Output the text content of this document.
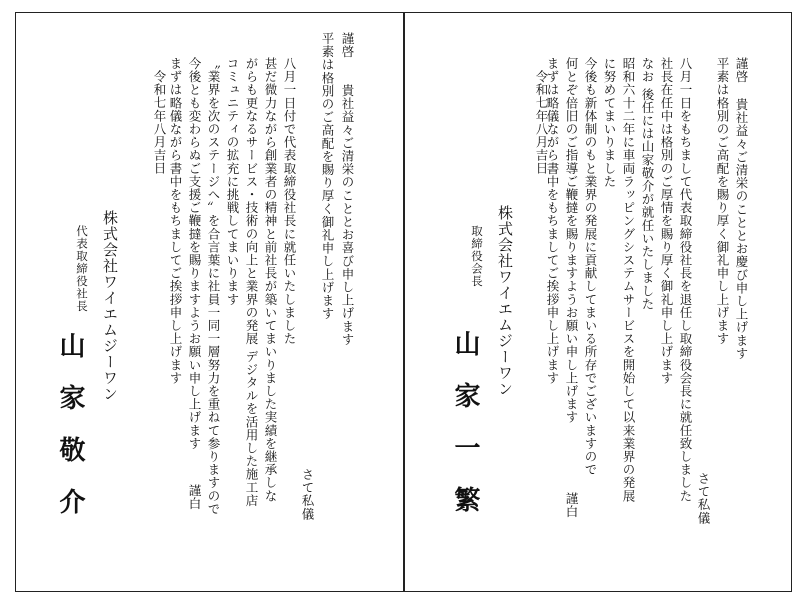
謹啓
貴社益々ご清栄のこととお喜び申し上げます
平素は格別のご高配を賜り厚く御礼申し上げます
さて私儀
八月一日付で代表取締役社長に就任いたしました
甚だ微力ながら創業者の精神と前社長が築いてまいりました実績を継承しな
がらも更なるサービス・技術の向上と業界の発展 デジタルを活用した施工店
コミュニティの拡充に挑戦してまいります
〝業界を次のステージへ〟を合言葉に社員一同一層努力を重ねて参りますので
今後とも変わらぬご支援ご鞭撻を賜りますようお願い申し上げます
まずは略儀ながら書中をもちましてご挨拶申し上げます
謹白
令和七年八月吉日
株式会社ワイエムジーワン
代表取締役社長
山家敬介
謹啓
貴社益々ご清栄のこととお慶び申し上げます
平素は格別のご高配を賜り厚く御礼申し上げます
さて私儀
八月一日をもちまして代表取締役社長を退任し取締役会長に就任致しました
社長在任中は格別のご厚情を賜り厚く御礼申し上げます
なお 後任には山家敬介が就任いたしました
昭和六十二年に車両ラッピングシステムサービスを開始して以来業界の発展
に努めてまいりました
今後も新体制のもと業界の発展に貢献してまいる所存でございますので
何とぞ倍旧のご指導ご鞭撻を賜りますようお願い申し上げます
まずは略儀ながら書中をもちましてご挨拶申し上げます
謹白
令和七年八月吉日
株式会社ワイエムジーワン
取締役会長
山家一繁
